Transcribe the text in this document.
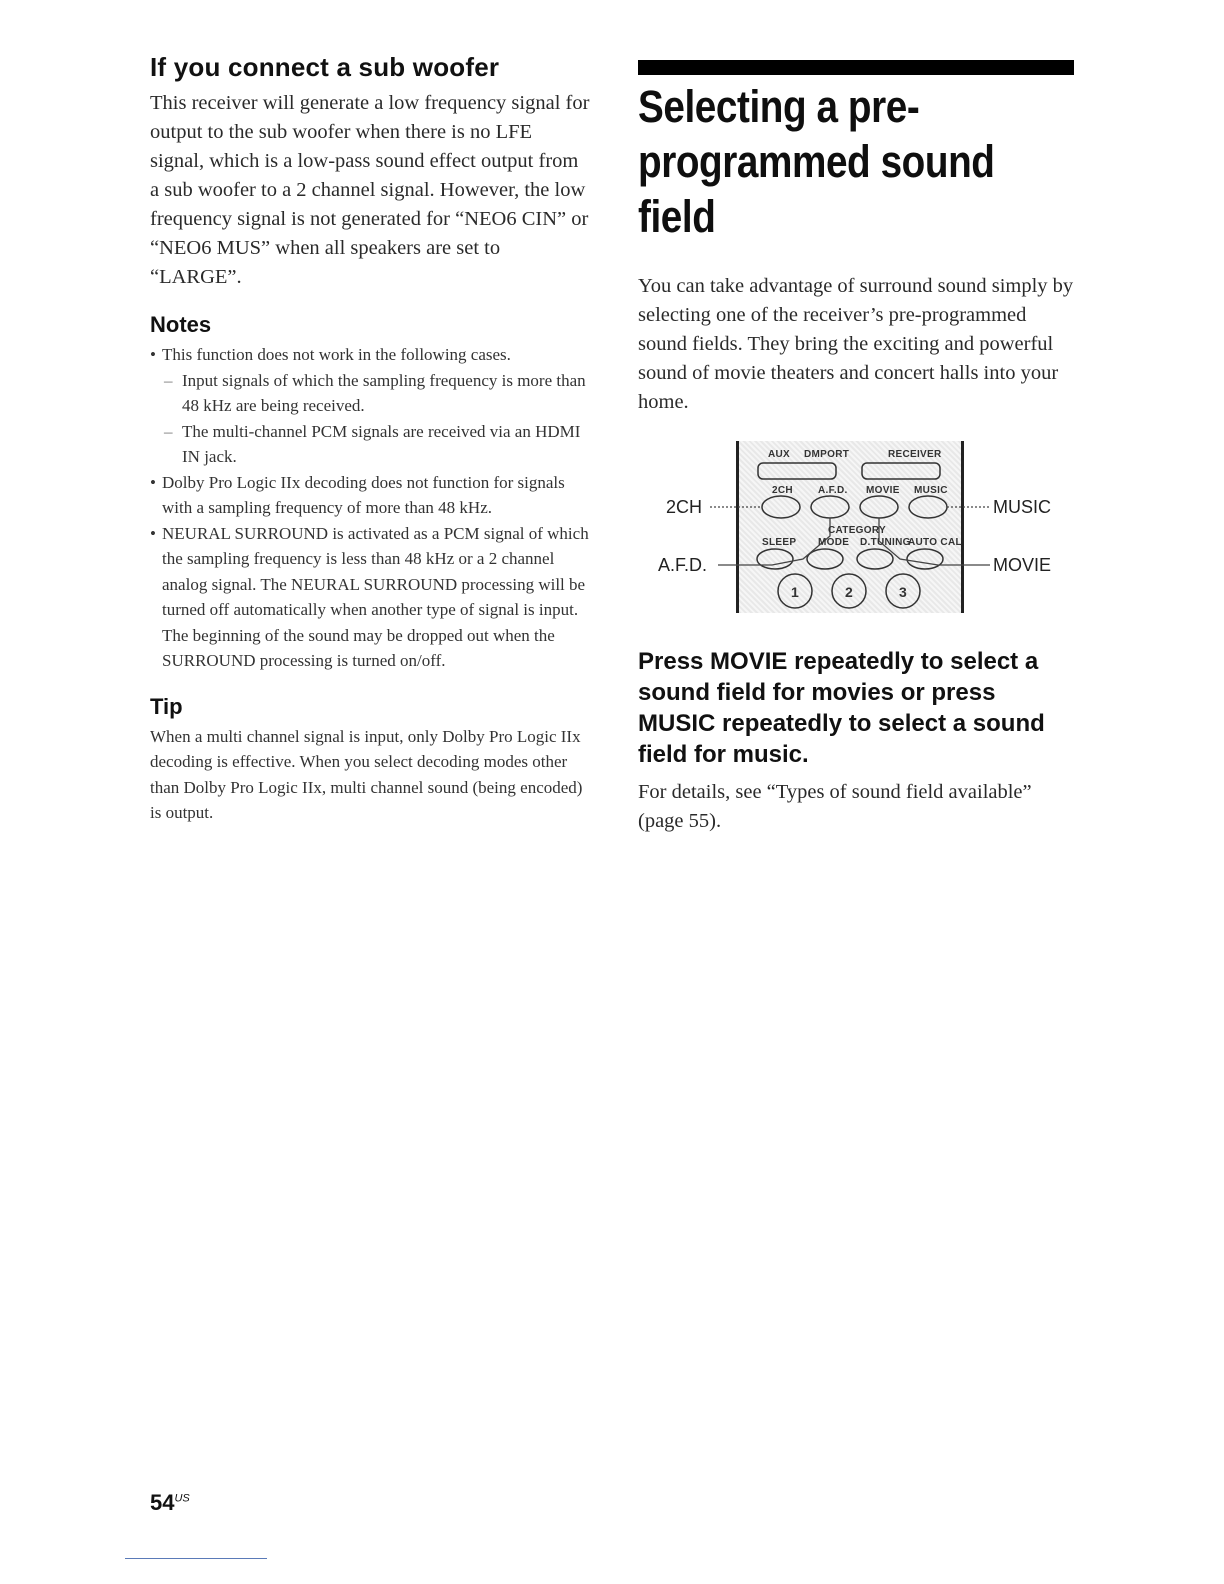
If you connect a sub woofer

This receiver will generate a low frequency signal for output to the sub woofer when there is no LFE signal, which is a low-pass sound effect output from a sub woofer to a 2 channel signal. However, the low frequency signal is not generated for “NEO6 CIN” or “NEO6 MUS” when all speakers are set to “LARGE”.

Notes
• This function does not work in the following cases.
– Input signals of which the sampling frequency is more than 48 kHz are being received.
– The multi-channel PCM signals are received via an HDMI IN jack.
• Dolby Pro Logic IIx decoding does not function for signals with a sampling frequency of more than 48 kHz.
• NEURAL SURROUND is activated as a PCM signal of which the sampling frequency is less than 48 kHz or a 2 channel analog signal. The NEURAL SURROUND processing will be turned off automatically when another type of signal is input. The beginning of the sound may be dropped out when the SURROUND processing is turned on/off.
Tip

When a multi channel signal is input, only Dolby Pro Logic IIx decoding is effective. When you select decoding modes other than Dolby Pro Logic IIx, multi channel sound (being encoded) is output.

Selecting a pre-programmed sound field

You can take advantage of surround sound simply by selecting one of the receiver’s pre-programmed sound fields. They bring the exciting and powerful sound of movie theaters and concert halls into your home.

AUX DMPORT	RECEIVER
2CH	A.F.D. MOVIE MUSIC
CATEGORY
SLEEP MODE D.TUNING
AUTO CAL
1	2	3
2CH
A.F.D.
MUSIC
MOVIE
Press MOVIE repeatedly to select a sound field for movies or press MUSIC repeatedly to select a sound field for music.

For details, see “Types of sound field available” (page 55).

$54^{US}$
